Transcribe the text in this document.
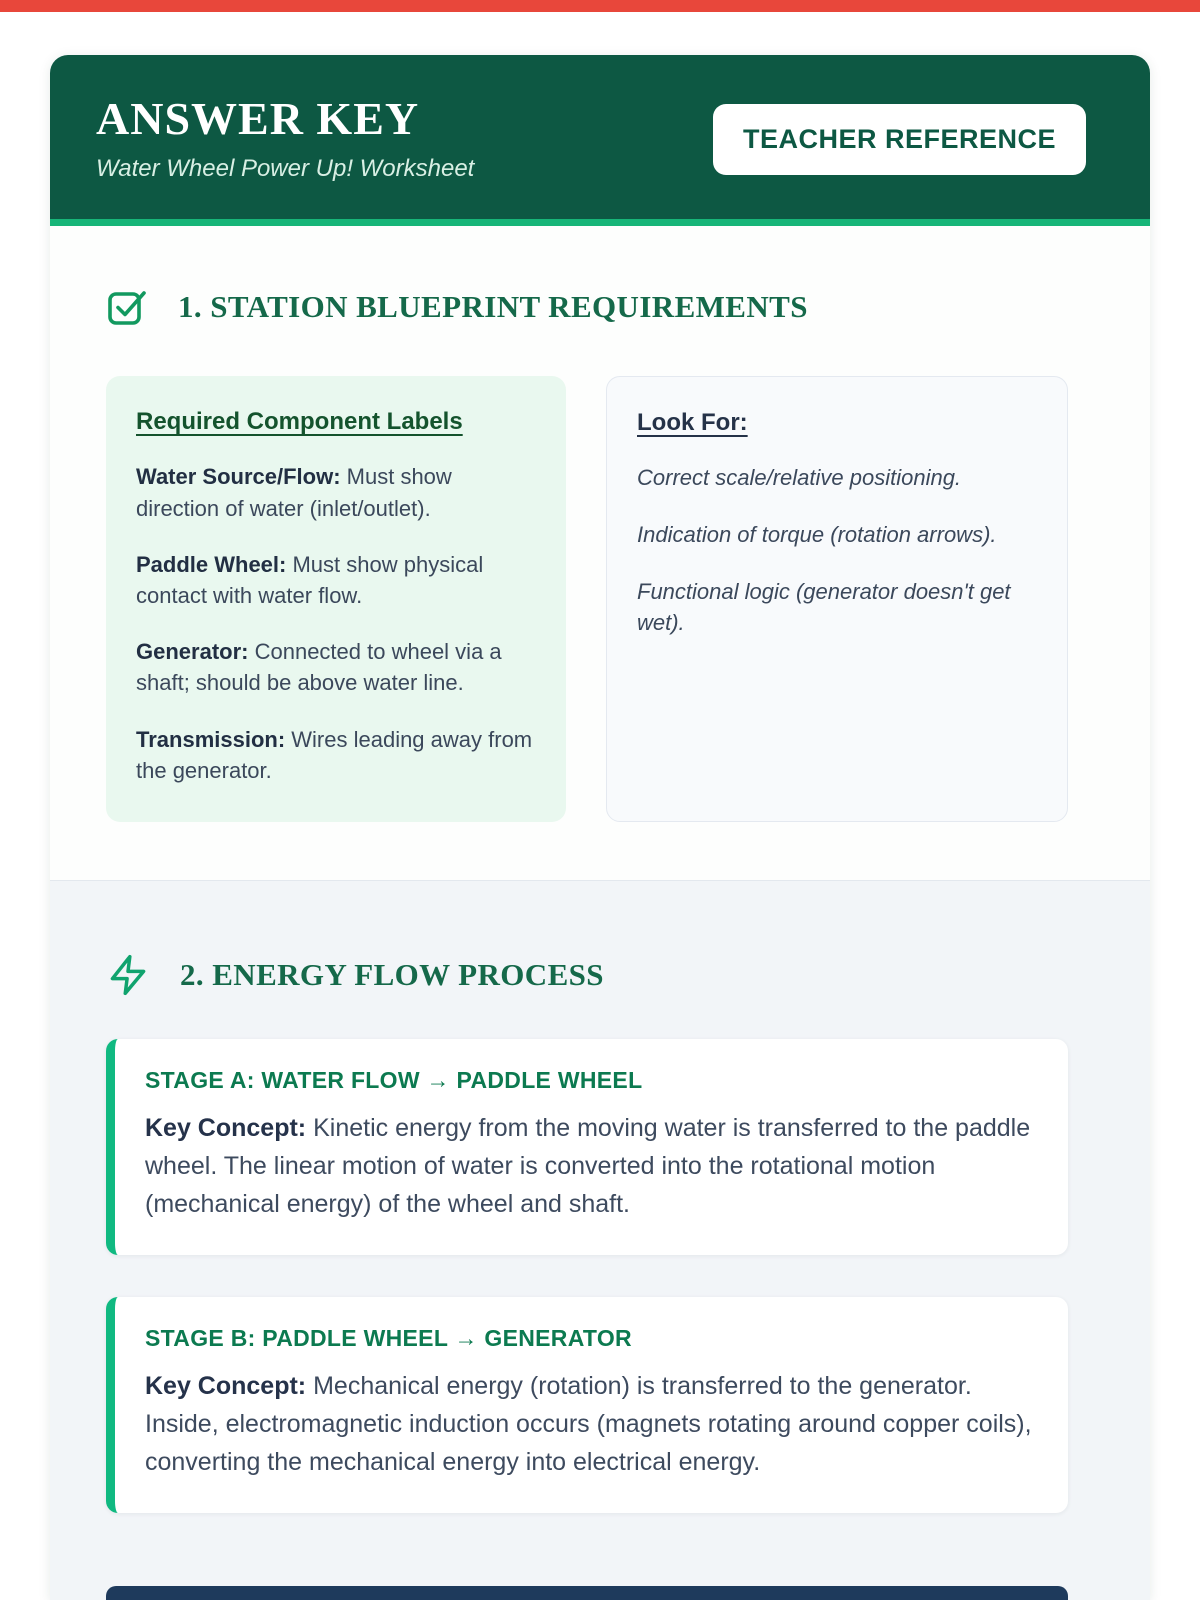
ANSWER KEY
Water Wheel Power Up! Worksheet
TEACHER REFERENCE
1. STATION BLUEPRINT REQUIREMENTS
Required Component Labels

Water Source/Flow: Must show direction of water (inlet/outlet).

Paddle Wheel: Must show physical contact with water flow.

Generator: Connected to wheel via a shaft; should be above water line.

Transmission: Wires leading away from the generator.

Look For:

Correct scale/relative positioning.

Indication of torque (rotation arrows).

Functional logic (generator doesn't get wet).

2. ENERGY FLOW PROCESS
STAGE A: WATER FLOW → PADDLE WHEEL

Key Concept: Kinetic energy from the moving water is transferred to the paddle wheel. The linear motion of water is converted into the rotational motion (mechanical energy) of the wheel and shaft.

STAGE B: PADDLE WHEEL → GENERATOR

Key Concept: Mechanical energy (rotation) is transferred to the generator. Inside, electromagnetic induction occurs (magnets rotating around copper coils), converting the mechanical energy into electrical energy.
